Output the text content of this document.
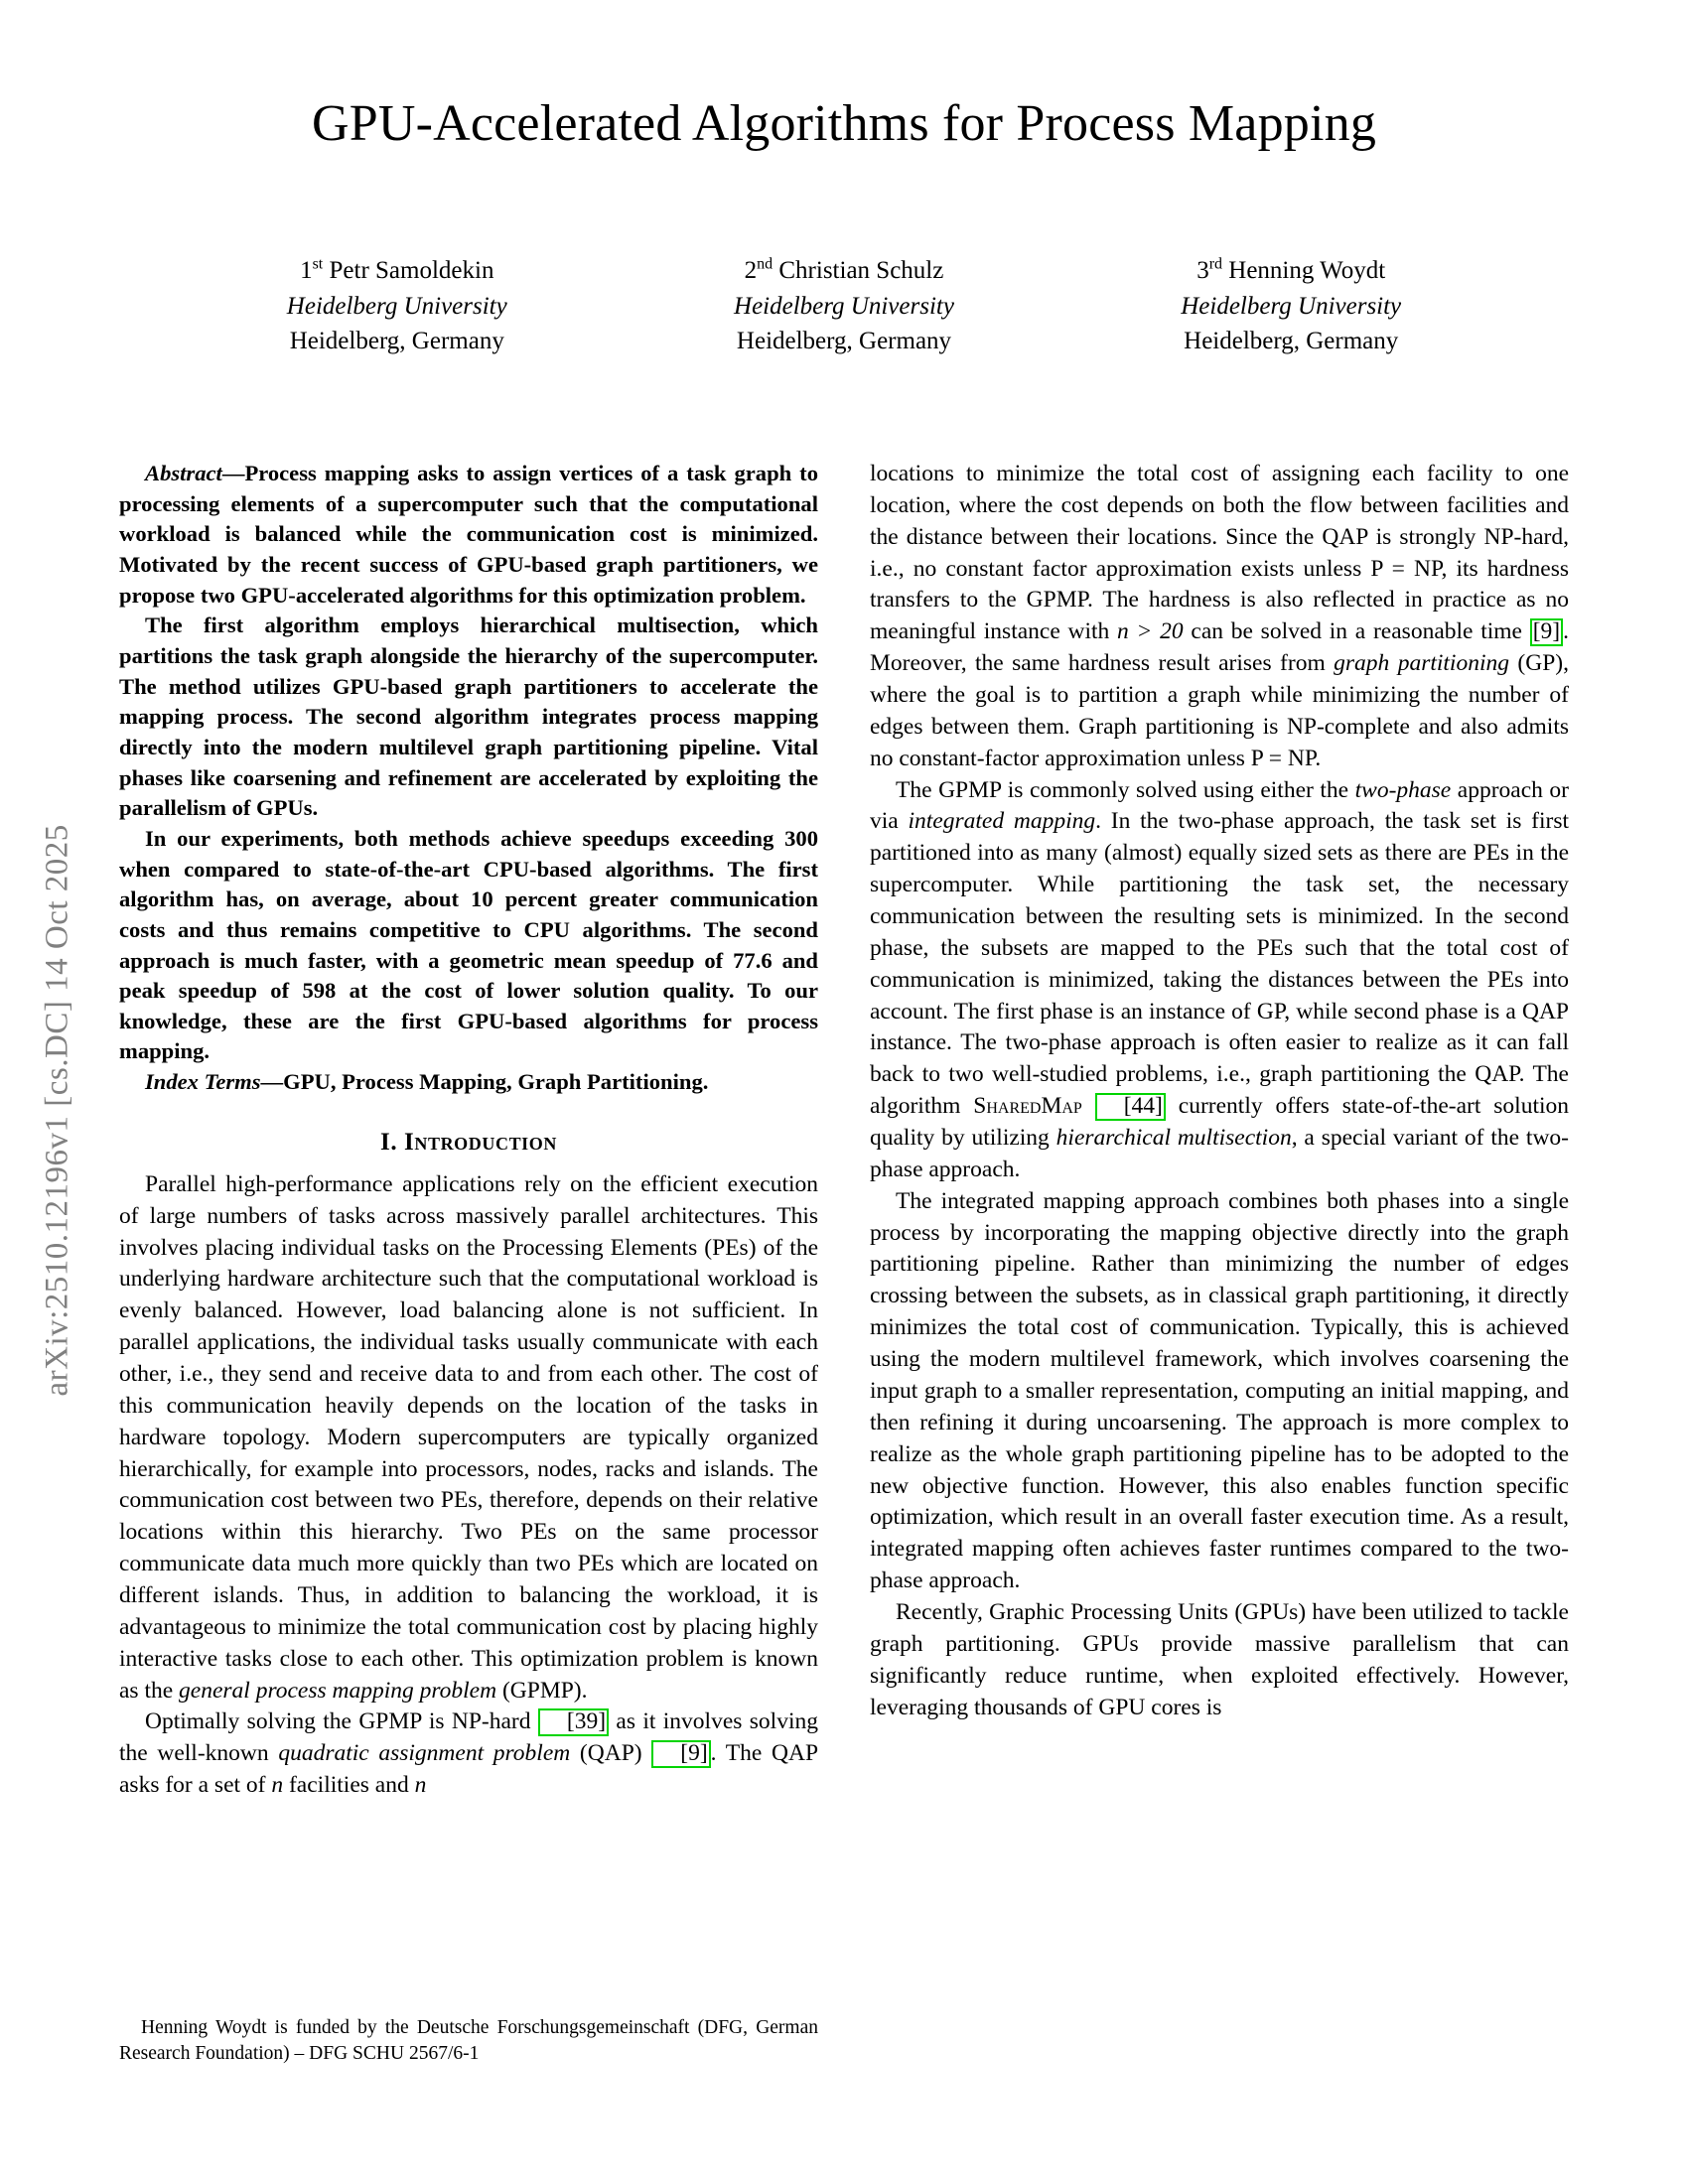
arXiv:2510.12196v1 [cs.DC] 14 Oct 2025
GPU-Accelerated Algorithms for Process Mapping
1st Petr Samoldekin
Heidelberg University
Heidelberg, Germany
2nd Christian Schulz
Heidelberg University
Heidelberg, Germany
3rd Henning Woydt
Heidelberg University
Heidelberg, Germany

Abstract—Process mapping asks to assign vertices of a task graph to processing elements of a supercomputer such that the computational workload is balanced while the communication cost is minimized. Motivated by the recent success of GPU-based graph partitioners, we propose two GPU-accelerated algorithms for this optimization problem.

The first algorithm employs hierarchical multisection, which partitions the task graph alongside the hierarchy of the supercomputer. The method utilizes GPU-based graph partitioners to accelerate the mapping process. The second algorithm integrates process mapping directly into the modern multilevel graph partitioning pipeline. Vital phases like coarsening and refinement are accelerated by exploiting the parallelism of GPUs.

In our experiments, both methods achieve speedups exceeding 300 when compared to state-of-the-art CPU-based algorithms. The first algorithm has, on average, about 10 percent greater communication costs and thus remains competitive to CPU algorithms. The second approach is much faster, with a geometric mean speedup of 77.6 and peak speedup of 598 at the cost of lower solution quality. To our knowledge, these are the first GPU-based algorithms for process mapping.

Index Terms—GPU, Process Mapping, Graph Partitioning.

I. Introduction

Parallel high-performance applications rely on the efficient execution of large numbers of tasks across massively parallel architectures. This involves placing individual tasks on the Processing Elements (PEs) of the underlying hardware architecture such that the computational workload is evenly balanced. However, load balancing alone is not sufficient. In parallel applications, the individual tasks usually communicate with each other, i.e., they send and receive data to and from each other. The cost of this communication heavily depends on the location of the tasks in hardware topology. Modern supercomputers are typically organized hierarchically, for example into processors, nodes, racks and islands. The communication cost between two PEs, therefore, depends on their relative locations within this hierarchy. Two PEs on the same processor communicate data much more quickly than two PEs which are located on different islands. Thus, in addition to balancing the workload, it is advantageous to minimize the total communication cost by placing highly interactive tasks close to each other. This optimization problem is known as the general process mapping problem (GPMP).

Optimally solving the GPMP is NP-hard [39] as it involves solving the well-known quadratic assignment problem (QAP) [9] . The QAP asks for a set of n facilities and n

Henning Woydt is funded by the Deutsche Forschungsgemeinschaft (DFG, German Research Foundation) – DFG SCHU 2567/6-1

locations to minimize the total cost of assigning each facility to one location, where the cost depends on both the flow between facilities and the distance between their locations. Since the QAP is strongly NP-hard, i.e., no constant factor approximation exists unless P = NP, its hardness transfers to the GPMP. The hardness is also reflected in practice as no meaningful instance with n > 20 can be solved in a reasonable time [9] . Moreover, the same hardness result arises from graph partitioning (GP), where the goal is to partition a graph while minimizing the number of edges between them. Graph partitioning is NP-complete and also admits no constant-factor approximation unless P = NP.

The GPMP is commonly solved using either the two-phase approach or via integrated mapping. In the two-phase approach, the task set is first partitioned into as many (almost) equally sized sets as there are PEs in the supercomputer. While partitioning the task set, the necessary communication between the resulting sets is minimized. In the second phase, the subsets are mapped to the PEs such that the total cost of communication is minimized, taking the distances between the PEs into account. The first phase is an instance of GP, while second phase is a QAP instance. The two-phase approach is often easier to realize as it can fall back to two well-studied problems, i.e., graph partitioning the QAP. The algorithm SharedMap [44] currently offers state-of-the-art solution quality by utilizing hierarchical multisection, a special variant of the two-phase approach.

The integrated mapping approach combines both phases into a single process by incorporating the mapping objective directly into the graph partitioning pipeline. Rather than minimizing the number of edges crossing between the subsets, as in classical graph partitioning, it directly minimizes the total cost of communication. Typically, this is achieved using the modern multilevel framework, which involves coarsening the input graph to a smaller representation, computing an initial mapping, and then refining it during uncoarsening. The approach is more complex to realize as the whole graph partitioning pipeline has to be adopted to the new objective function. However, this also enables function specific optimization, which result in an overall faster execution time. As a result, integrated mapping often achieves faster runtimes compared to the two-phase approach.

Recently, Graphic Processing Units (GPUs) have been utilized to tackle graph partitioning. GPUs provide massive parallelism that can significantly reduce runtime, when exploited effectively. However, leveraging thousands of GPU cores is
